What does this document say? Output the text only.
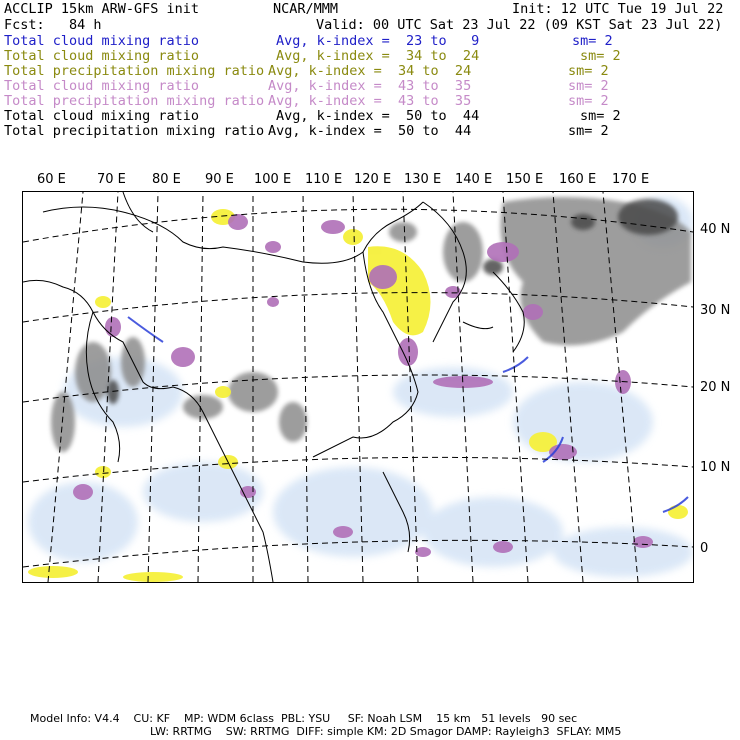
ACCLIP 15km ARW-GFS init	NCAR/MMM	Init: 12 UTC Tue 19 Jul 22
Fcst:   84 h	Valid: 00 UTC Sat 23 Jul 22 (09 KST Sat 23 Jul 22)
Total cloud mixing ratio	Avg, k-index =  23 to   9	sm= 2
Total cloud mixing ratio	Avg, k-index =  34 to  24	sm= 2
Total precipitation mixing ratio Avg, k-index =  34 to  24	sm= 2
Total cloud mixing ratio	Avg, k-index =  43 to  35	sm= 2
Total precipitation mixing ratio Avg, k-index =  43 to  35	sm= 2
Total cloud mixing ratio	Avg, k-index =  50 to  44	sm= 2
Total precipitation mixing ratio Avg, k-index =  50 to  44	sm= 2
60 E 70 E 80 E 90 E 100 E 110 E 120 E 130 E 140 E 150 E 160 E 170 E
40 N
30 N
20 N
10 N
0
Model Info: V4.4    CU: KF    MP: WDM 6class  PBL: YSU     SF: Noah LSM    15 km   51 levels   90 sec
LW: RRTMG    SW: RRTMG  DIFF: simple KM: 2D Smagor DAMP: Rayleigh3  SFLAY: MM5
